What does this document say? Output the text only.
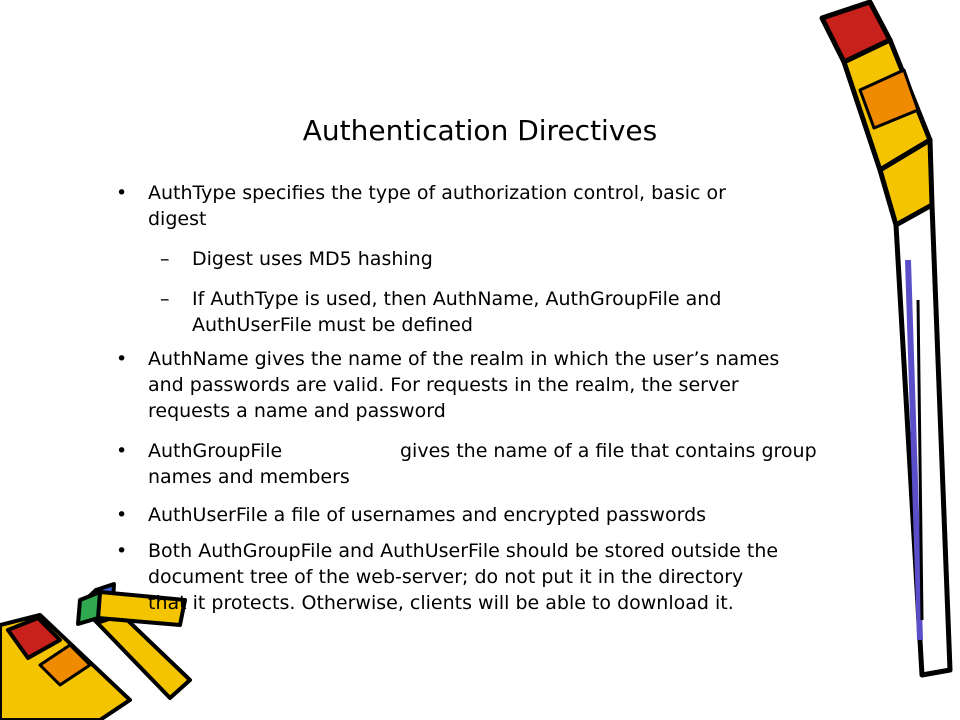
Authentication Directives
• AuthType specifies the type of authorization control, basic or
digest
– Digest uses MD5 hashing
– If AuthType is used, then AuthName, AuthGroupFile and
AuthUserFile must be defined
• AuthName gives the name of the realm in which the user’s names
and passwords are valid. For requests in the realm, the server
requests a name and password
• AuthGroupFile	gives the name of a file that contains group
names and members
• AuthUserFile a file of usernames and encrypted passwords
• Both AuthGroupFile and AuthUserFile should be stored outside the
document tree of the web-server; do not put it in the directory
that it protects. Otherwise, clients will be able to download it.
